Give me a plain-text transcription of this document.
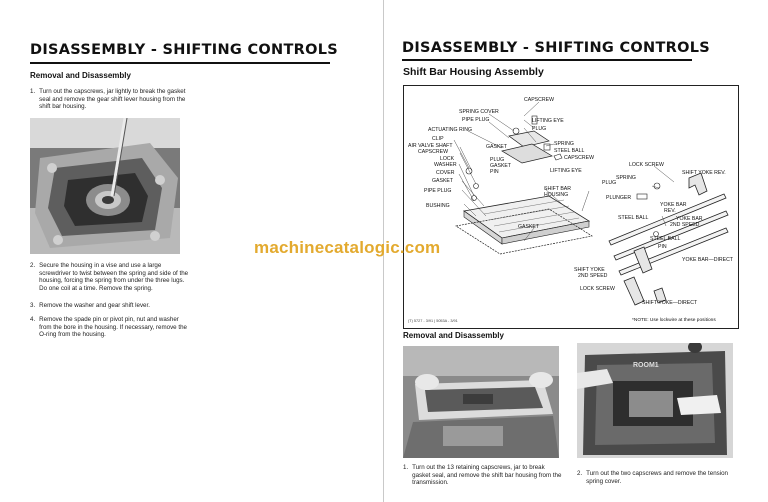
DISASSEMBLY - SHIFTING CONTROLS
Removal and Disassembly
1. Turn out the capscrews, jar lightly to break the gasket seal and remove the gear shift lever housing from the shift bar housing.
2. Secure the housing in a vise and use a large screwdriver to twist between the spring and side of the housing, forcing the spring from under the three lugs. Do one coil at a time. Remove the spring.
3. Remove the washer and gear shift lever.
4. Remove the spade pin or pivot pin, nut and washer from the bore in the housing. If necessary, remove the O-ring from the housing.
DISASSEMBLY - SHIFTING CONTROLS
Shift Bar Housing Assembly
CAPSCREW
SPRING COVER
PIPE PLUG	LIFTING EYE
ACTUATING RING	PLUG
CLIP
AIR VALVE SHAFT	GASKET	SPRING
CAPSCREW	STEEL BALL
LOCK	PLUG	CAPSCREW
WASHER	GASKET
PIN	LIFTING EYE
COVER
GASKET
SHIFT BAR
HOUSING
PIPE PLUG
BUSHING
GASKET
LOCK SCREW
SHIFT YOKE REV.
PLUG
SPRING
PLUNGER
YOKE BAR
REV.
STEEL BALL	YOKE BAR
2ND SPEED
STEEL BALL
PIN
YOKE BAR—DIRECT
SHIFT YOKE
2ND SPEED
LOCK SCREW
SHIFT YOKE—DIRECT
*NOTE: Use lockwire at these positions
(T) 5727 - 3/91 | 5053A - 3/91
Removal and Disassembly
ROOM1
1. Turn out the 13 retaining capscrews, jar to break gasket seal, and remove the shift bar housing from the transmission.
2. Turn out the two capscrews and remove the tension spring cover.
machinecatalogic.com
